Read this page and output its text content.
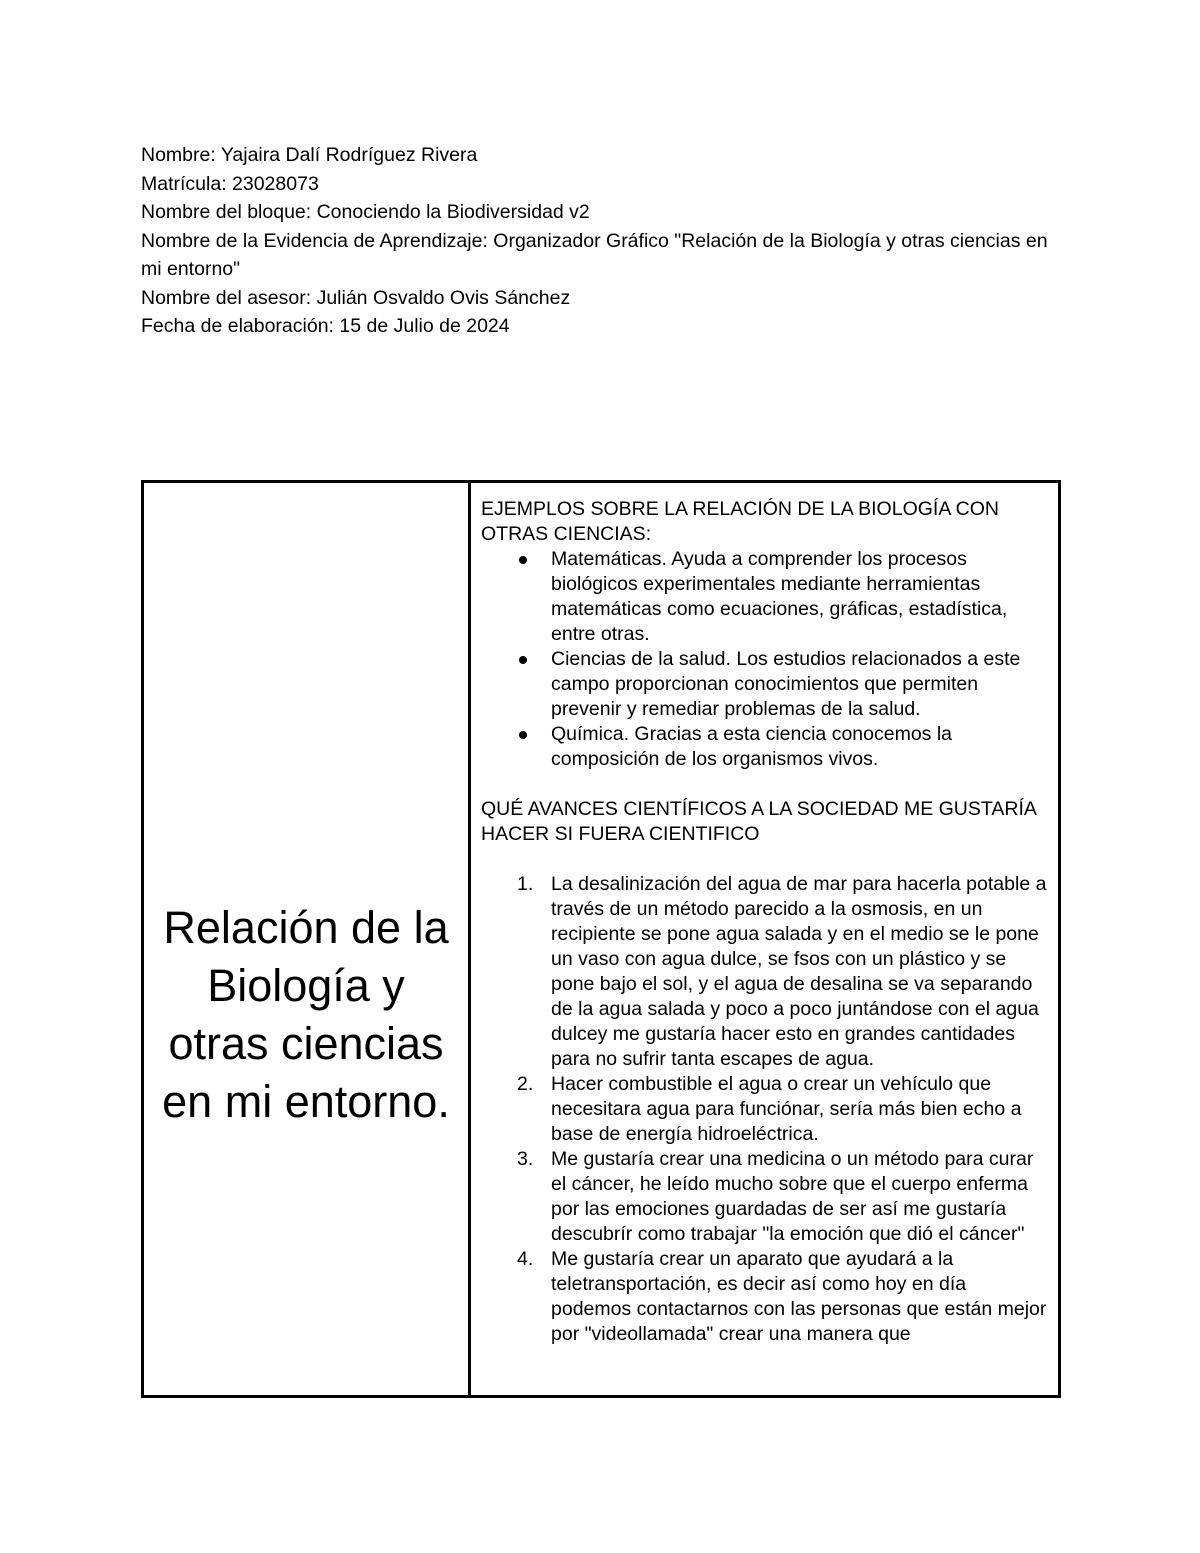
Nombre: Yajaira Dalí Rodríguez Rivera

Matrícula: 23028073

Nombre del bloque: Conociendo la Biodiversidad v2

Nombre de la Evidencia de Aprendizaje: Organizador Gráfico "Relación de la Biología y otras ciencias en mi entorno"

Nombre del asesor: Julián Osvaldo Ovis Sánchez

Fecha de elaboración: 15 de Julio de 2024

Relación de la Biología y otras ciencias en mi entorno.

EJEMPLOS SOBRE LA RELACIÓN DE LA BIOLOGÍA CON OTRAS CIENCIAS:

Matemáticas. Ayuda a comprender los procesos biológicos experimentales mediante herramientas matemáticas como ecuaciones, gráficas, estadística, entre otras.
Ciencias de la salud. Los estudios relacionados a este campo proporcionan conocimientos que permiten prevenir y remediar problemas de la salud.
Química. Gracias a esta ciencia conocemos la composición de los organismos vivos.

QUÉ AVANCES CIENTÍFICOS A LA SOCIEDAD ME GUSTARÍA HACER SI FUERA CIENTIFICO

1. La desalinización del agua de mar para hacerla potable a través de un método parecido a la osmosis, en un recipiente se pone agua salada y en el medio se le pone un vaso con agua dulce, se fsos con un plástico y se pone bajo el sol, y el agua de desalina se va separando de la agua salada y poco a poco juntándose con el agua dulcey me gustaría hacer esto en grandes cantidades para no sufrir tanta escapes de agua.
2. Hacer combustible el agua o crear un vehículo que necesitara agua para funciónar, sería más bien echo a base de energía hidroeléctrica.
3. Me gustaría crear una medicina o un método para curar el cáncer, he leído mucho sobre que el cuerpo enferma por las emociones guardadas de ser así me gustaría descubrír como trabajar "la emoción que dió el cáncer"
4. Me gustaría crear un aparato que ayudará a la teletransportación, es decir así como hoy en día podemos contactarnos con las personas que están mejor por "videollamada" crear una manera que
